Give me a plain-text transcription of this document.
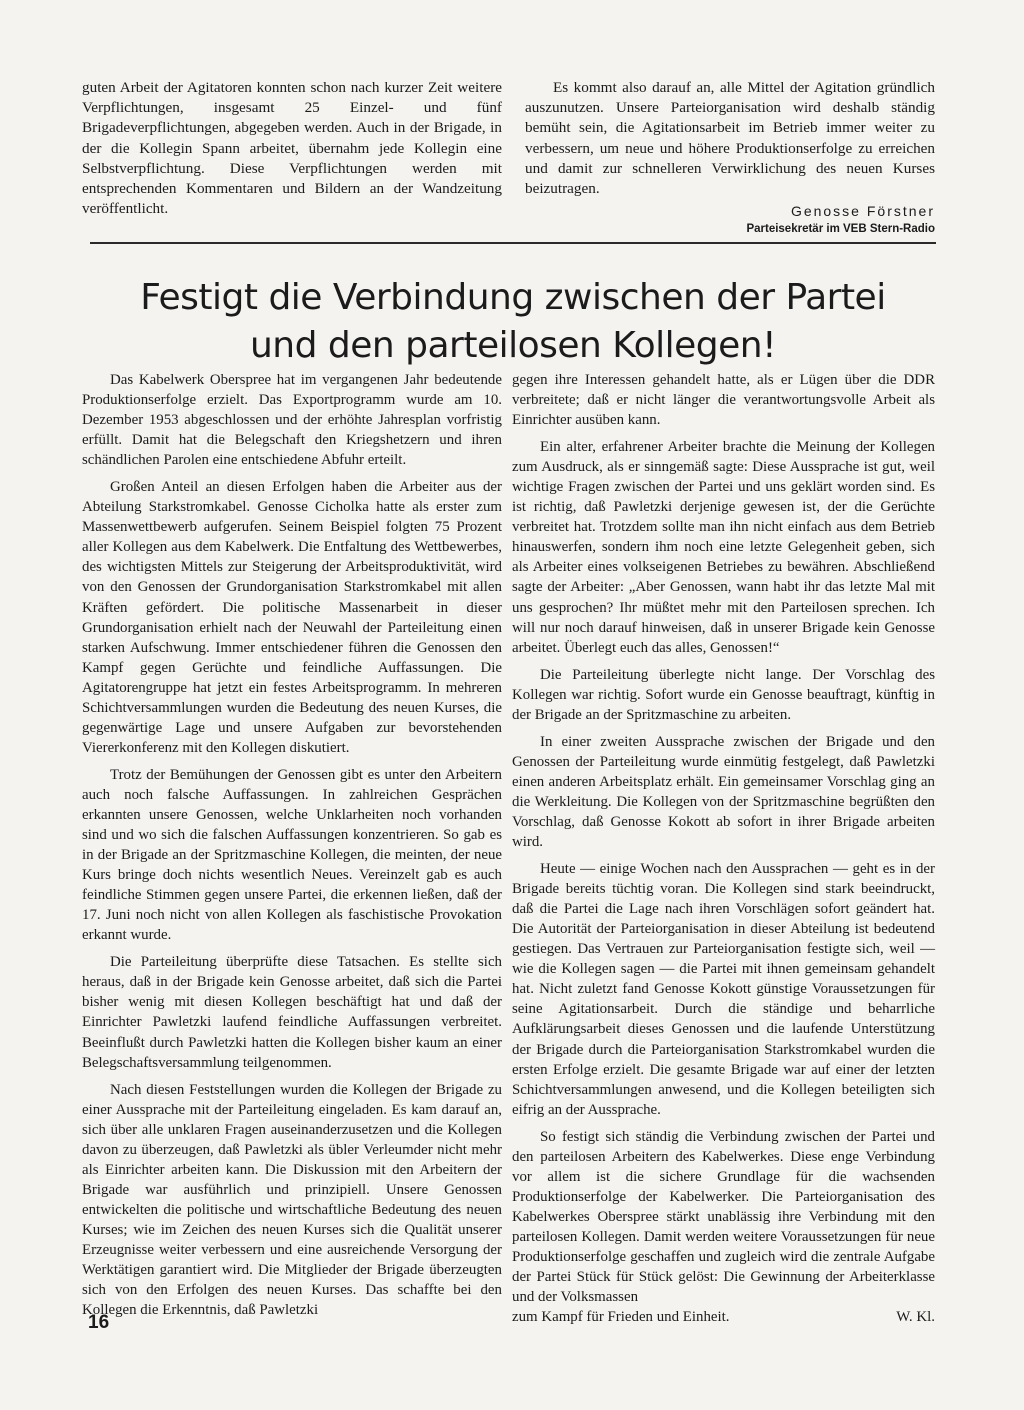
guten Arbeit der Agitatoren konnten schon nach kurzer Zeit weitere Verpflichtungen, insgesamt 25 Einzel- und fünf Brigadeverpflichtungen, abgegeben werden. Auch in der Brigade, in der die Kollegin Spann arbeitet, übernahm jede Kollegin eine Selbstverpflichtung. Diese Verpflichtungen werden mit entsprechenden Kommentaren und Bildern an der Wandzeitung veröffentlicht.

Es kommt also darauf an, alle Mittel der Agitation gründlich auszunutzen. Unsere Parteiorganisation wird deshalb ständig bemüht sein, die Agitationsarbeit im Betrieb immer weiter zu verbessern, um neue und höhere Produktionserfolge zu erreichen und damit zur schnelleren Verwirklichung des neuen Kurses beizutragen.

Genosse Förstner
Parteisekretär im VEB Stern-Radio
Festigt die Verbindung zwischen der Partei
und den parteilosen Kollegen!

Das Kabelwerk Oberspree hat im vergangenen Jahr bedeutende Produktionserfolge erzielt. Das Exportprogramm wurde am 10. Dezember 1953 abgeschlossen und der erhöhte Jahresplan vorfristig erfüllt. Damit hat die Belegschaft den Kriegshetzern und ihren schändlichen Parolen eine entschiedene Abfuhr erteilt.

Großen Anteil an diesen Erfolgen haben die Arbeiter aus der Abteilung Starkstromkabel. Genosse Cicholka hatte als erster zum Massenwettbewerb aufgerufen. Seinem Beispiel folgten 75 Prozent aller Kollegen aus dem Kabelwerk. Die Entfaltung des Wettbewerbes, des wichtigsten Mittels zur Steigerung der Arbeitsproduktivität, wird von den Genossen der Grundorganisation Starkstromkabel mit allen Kräften gefördert. Die politische Massenarbeit in dieser Grundorganisation erhielt nach der Neuwahl der Parteileitung einen starken Aufschwung. Immer entschiedener führen die Genossen den Kampf gegen Gerüchte und feindliche Auffassungen. Die Agitatorengruppe hat jetzt ein festes Arbeitsprogramm. In mehreren Schichtversammlungen wurden die Bedeutung des neuen Kurses, die gegenwärtige Lage und unsere Aufgaben zur bevorstehenden Viererkonferenz mit den Kollegen diskutiert.

Trotz der Bemühungen der Genossen gibt es unter den Arbeitern auch noch falsche Auffassungen. In zahlreichen Gesprächen erkannten unsere Genossen, welche Unklarheiten noch vorhanden sind und wo sich die falschen Auffassungen konzentrieren. So gab es in der Brigade an der Spritzmaschine Kollegen, die meinten, der neue Kurs bringe doch nichts wesentlich Neues. Vereinzelt gab es auch feindliche Stimmen gegen unsere Partei, die erkennen ließen, daß der 17. Juni noch nicht von allen Kollegen als faschistische Provokation erkannt wurde.

Die Parteileitung überprüfte diese Tatsachen. Es stellte sich heraus, daß in der Brigade kein Genosse arbeitet, daß sich die Partei bisher wenig mit diesen Kollegen beschäftigt hat und daß der Einrichter Pawletzki laufend feindliche Auffassungen verbreitet. Beeinflußt durch Pawletzki hatten die Kollegen bisher kaum an einer Belegschaftsversammlung teilgenommen.

Nach diesen Feststellungen wurden die Kollegen der Brigade zu einer Aussprache mit der Parteileitung eingeladen. Es kam darauf an, sich über alle unklaren Fragen auseinanderzusetzen und die Kollegen davon zu überzeugen, daß Pawletzki als übler Verleumder nicht mehr als Einrichter arbeiten kann. Die Diskussion mit den Arbeitern der Brigade war ausführlich und prinzipiell. Unsere Genossen entwickelten die politische und wirtschaftliche Bedeutung des neuen Kurses; wie im Zeichen des neuen Kurses sich die Qualität unserer Erzeugnisse weiter verbessern und eine ausreichende Versorgung der Werktätigen garantiert wird. Die Mitglieder der Brigade überzeugten sich von den Erfolgen des neuen Kurses. Das schaffte bei den Kollegen die Erkenntnis, daß Pawletzki

gegen ihre Interessen gehandelt hatte, als er Lügen über die DDR verbreitete; daß er nicht länger die verantwortungsvolle Arbeit als Einrichter ausüben kann.

Ein alter, erfahrener Arbeiter brachte die Meinung der Kollegen zum Ausdruck, als er sinngemäß sagte: Diese Aussprache ist gut, weil wichtige Fragen zwischen der Partei und uns geklärt worden sind. Es ist richtig, daß Pawletzki derjenige gewesen ist, der die Gerüchte verbreitet hat. Trotzdem sollte man ihn nicht einfach aus dem Betrieb hinauswerfen, sondern ihm noch eine letzte Gelegenheit geben, sich als Arbeiter eines volkseigenen Betriebes zu bewähren. Abschließend sagte der Arbeiter: „Aber Genossen, wann habt ihr das letzte Mal mit uns gesprochen? Ihr müßtet mehr mit den Parteilosen sprechen. Ich will nur noch darauf hinweisen, daß in unserer Brigade kein Genosse arbeitet. Überlegt euch das alles, Genossen!“

Die Parteileitung überlegte nicht lange. Der Vorschlag des Kollegen war richtig. Sofort wurde ein Genosse beauftragt, künftig in der Brigade an der Spritzmaschine zu arbeiten.

In einer zweiten Aussprache zwischen der Brigade und den Genossen der Parteileitung wurde einmütig festgelegt, daß Pawletzki einen anderen Arbeitsplatz erhält. Ein gemeinsamer Vorschlag ging an die Werkleitung. Die Kollegen von der Spritzmaschine begrüßten den Vorschlag, daß Genosse Kokott ab sofort in ihrer Brigade arbeiten wird.

Heute — einige Wochen nach den Aussprachen — geht es in der Brigade bereits tüchtig voran. Die Kollegen sind stark beeindruckt, daß die Partei die Lage nach ihren Vorschlägen sofort geändert hat. Die Autorität der Parteiorganisation in dieser Abteilung ist bedeutend gestiegen. Das Vertrauen zur Parteiorganisation festigte sich, weil — wie die Kollegen sagen — die Partei mit ihnen gemeinsam gehandelt hat. Nicht zuletzt fand Genosse Kokott günstige Voraussetzungen für seine Agitationsarbeit. Durch die ständige und beharrliche Aufklärungsarbeit dieses Genossen und die laufende Unterstützung der Brigade durch die Parteiorganisation Starkstromkabel wurden die ersten Erfolge erzielt. Die gesamte Brigade war auf einer der letzten Schichtversammlungen anwesend, und die Kollegen beteiligten sich eifrig an der Aussprache.

So festigt sich ständig die Verbindung zwischen der Partei und den parteilosen Arbeitern des Kabelwerkes. Diese enge Verbindung vor allem ist die sichere Grundlage für die wachsenden Produktionserfolge der Kabelwerker. Die Parteiorganisation des Kabelwerkes Oberspree stärkt unablässig ihre Verbindung mit den parteilosen Kollegen. Damit werden weitere Voraussetzungen für neue Produktionserfolge geschaffen und zugleich wird die zentrale Aufgabe der Partei Stück für Stück gelöst: Die Gewinnung der Arbeiterklasse und der Volksmassen

zum Kampf für Frieden und Einheit.	W. Kl.

16
